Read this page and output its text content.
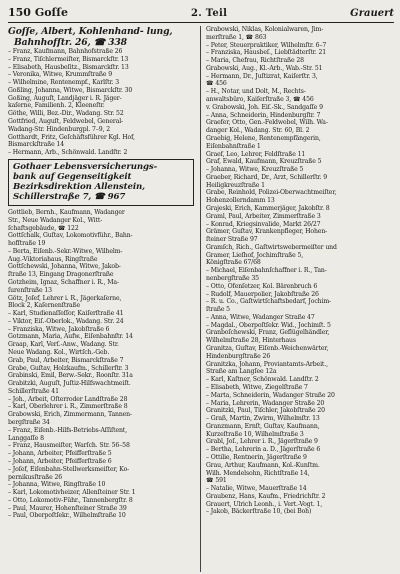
150 Goſſe	2. Teil	Grauert
Goſſe, Albert, Kohlenhand- lung, Bahnhofſtr. 26, ☎ 338
– Franz, Kaufmann, Bahnhofstraße 26
– Franz, Tiſchlermeiſter, Bismarckſtr. 13
– Elisabeth, Hausbeſitz., Bismarckſtr. 13
– Veronika, Witwe, Krummſtraße 9
– Wilhelmine, Rentenempf., Karlſtr. 3
Goßling, Johanna, Witwe, Bismarckſtr. 30
Goßing, Auguſt, Landjäger i. R. Jäger-
kaſerne, Familienh. 2, Kleeneſtr.
Göthe, Willi, Bez.-Dir., Wadang. Str. 52
Gottfried, Auguſt, Feldwebel, General-
Wadang-Str. Hindenburgpl. 7–9, 2
Gotthardt, Fritz, Geſchäftsführer Kgl. Hof,
Bismarckſtraße 14
– Hermann, Arb., Schönwald. Landſtr. 2
Gothaer Lebensversicherungs-
bank auf Gegenseitigkeit
Bezirksdirektion Allenstein,
Schillerstraße 7, ☎ 967
Gottlieb, Bernh., Kaufmann, Wadanger
Str., Neue Wadanger Kol., Witt-
ſchaftsgebäude, ☎ 122
Gottſchalk, Guſtav, Lokomotivführ., Bahn-
hofſtraße 19
– Berta, Eiſenb.-Sekr.-Witwe, Wilhelm-
Aug.-Viktoriahaus, Ringſtraße
Gottſchewski, Johanna, Witwe, Jakob-
ſtraße 13, Eingang Dragonerſtraße
Gotzheim, Ignaz, Schaffner i. R., Ma-
ſurenſtraße 13
Götz, Joſef, Lehrer i. R., Jägerkaſerne,
Block 2, Kaſernenſtraße
– Karl, Studienaſſeſſor, Kaiſerſtraße 41
– Viktor, Eiſ.-Oberlok., Wadang. Str. 24
– Franziska, Witwe, Jakobſtraße 6
Gotzmann, Maria, Aufw., Eiſenbahnſtr. 14
Graap, Karl, Verſ.-Anw., Wadang. Str.
Neue Wadang. Kol., Wirtſch.-Geb.
Grab, Paul, Arbeiter, Bismarckſtraße 7
Grabe, Guſtav, Holzkaufm., Schillerſtr. 3
Grabinski, Emil, Berw.-Sekr., Roonſtr. 31a
Grabitzki, Auguſt, Juſtiz-Hilfswachtmeiſt.
Schillerſtraße 41
– Joh., Arbeit, Oſterroder Landſtraße 28
– Karl, Oberlehrer i. R., Zimmerſtraße 8
Grabowski, Erich, Zimmermann, Tannen-
bergſtraße 34
– Franz, Eiſenb.-Hilfs-Betriebs-Aſſiſtent,
Langgaſſe 8
– Franz, Hausmeiſter, Warſch. Str. 56–58
– Johann, Arbeiter, Pfeifferſtraße 5
– Johann, Arbeiter, Pfeifferſtraße 6
– Joſef, Eiſenbahn-Stellwerksmeiſter, Ko-
pernikusſtraße 26
– Johanna, Witwe, Ringſtraße 10
– Karl, Lokomotivheizer, Allenſteiner Str. 1
– Otto, Lokomotiv-Führ., Tannenbergſtr. 8
– Paul, Maurer, Hohenſteiner Straße 39
– Paul, Oberpoſtſekr., Wilhelmſtraße 10
Grabowski, Niklas, Kolonialwaren, Jim-
merſtraße 1, ☎ 863
– Peter, Steuerpraktiker, Wilhelmſtr. 6–7
– Franziska, Hausbeſ., Liebſtädterſtr. 21
– Maria, Chefrau, Richtſtraße 28
Grabowski, Aug., Kl.-Arb., Wab.-Str. 51
– Hermann, Dr., Juſtizrat, Kaiſerſtr. 3,
☎ 456
– H., Notar, und Dolt, M., Rechts-
anwaltsbüro, Kaiſerſtraße 3, ☎ 456
v. Grabowski, Joh. Eiſ.-Sk., Sandgaſſe 9
– Anna, Schneiderin, Hindenburgſtr. 7
Graefer, Otto, Gen.-Feldwebel, Wilh. Wa-
danger Kol., Wadang. Str. 60, Bl. 2
Graebig, Helene, Rentenempfängerin,
Eiſenbahnſtraße 1
Graef, Leo, Lehrer, Feldſtraße 11
Graf, Ewald, Kaufmann, Kreuzſtraße 5
– Johanna, Witwe, Kreuzſtraße 5
Graeber, Richard, Dr., Arzt, Schillerſtr. 9
Heiligkreuzſtraße 1
Grabe, Reinhold, Polizei-Oberwachtmeiſter,
Hohenzollerndamm 13
Grajeski, Erich, Kammerjäger, Jakobſtr. 8
Graml, Paul, Arbeiter, Zimmerſtraße 3
– Konrad, Kriegsinvalide, Markt 26/27
Grämer, Guſtav, Krankenpfleger, Hohen-
ſteiner Straße 97
Gramſch, Rich., Gaſtwirtswebermeiſter und
Gramer, Lieſhof, Jochimſtraße 5,
Königſtraße 67/68
– Michael, Eiſenbahnſchaffner i. R., Tan-
nenbergſtraße 35
– Otto, Ofenſetzer, Kol. Bärenbruch 6
– Rudolf, Mauerpolier, Jakobſtraße 26
– R. u. Co., Gaſtwirtſchaftsbedarf, Jochim-
ſtraße 5
– Anna, Witwe, Wadanger Straße 47
– Magdal., Oberpoſtſekr. Wid., Jochimſt. 5
Granboſchewski, Franz, Geflügelhändler,
Wilhelmſtraße 28, Hinterhaus
Granitza, Guſtav, Eiſenb.-Weichenwärter,
Hindenburgſtraße 26
Granitzka, Johann, Proviantamts-Arbeit.,
Straße am Langſee 12a
– Karl, Kaſtner, Schönwald. Landſtr. 2
– Elisabeth, Witwe, Ziegelſtraße 7
– Marta, Schneiderin, Wadanger Straße 20
– Maria, Lehrerin, Wadanger Straße 20
Granitzki, Paul, Tiſchler, Jakobſtraße 20
– Graß, Martin, Zwirm, Wilhelmſtr. 13
Granzmann, Ernſt, Guſtav, Kaufmann,
Kurzeſtraße 10, Wilhelmſtraße 3
Grabl, Joſ., Lehrer i. R., Jägerſtraße 9
– Bertha, Lehrerin a. D., Jägerſtraße 6
– Ottilie, Rentnerin, Jägerſtraße 9
Grau, Arthur, Kaufmann, Kol.-Kunſtm.
Wilh. Mendelsohn, Richtſtraße 14,
☎ 591
– Natalie, Witwe, Mauerſtraße 14
Graubenz, Hans, Kaufm., Friedrichſtr. 2
Grauert, Ulrich Leonh., i. Vert.-Vogt. 1,
– Jakob, Bäckerſtraße 10, (bei Boh)
